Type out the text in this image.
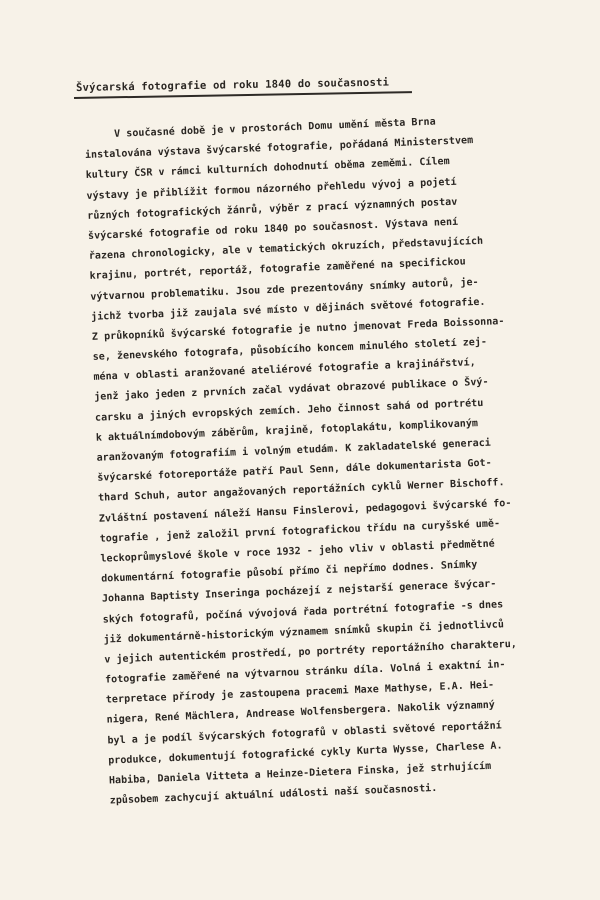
Švýcarská fotografie od roku 1840 do současnosti
V současné době je v prostorách Domu umění města Brna
instalována výstava švýcarské fotografie, pořádaná Ministerstvem
kultury ČSR v rámci kulturních dohodnutí oběma zeměmi. Cílem
výstavy je přiblížit formou názorného přehledu vývoj a pojetí
různých fotografických žánrů, výběr z prací významných postav
švýcarské fotografie od roku 1840 po současnost. Výstava není
řazena chronologicky, ale v tematických okruzích, představujících
krajinu, portrét, reportáž, fotografie zaměřené na specifickou
výtvarnou problematiku. Jsou zde prezentovány snímky autorů, je-
jichž tvorba již zaujala své místo v dějinách světové fotografie.
Z průkopníků švýcarské fotografie je nutno jmenovat Freda Boissonna-
se, ženevského fotografa, působícího koncem minulého století zej-
ména v oblasti aranžované ateliérové fotografie a krajinářství,
jenž jako jeden z prvních začal vydávat obrazové publikace o Švý-
carsku a jiných evropských zemích. Jeho činnost sahá od portrétu
k aktuálnímdobovým záběrům, krajině, fotoplakátu, komplikovaným
aranžovaným fotografiím i volným etudám. K zakladatelské generaci
švýcarské fotoreportáže patří Paul Senn, dále dokumentarista Got-
thard Schuh, autor angažovaných reportážních cyklů Werner Bischoff.
Zvláštní postavení náleží Hansu Finslerovi, pedagogovi švýcarské fo-
tografie , jenž založil první fotografickou třídu na curyšské umě-
leckoprůmyslové škole v roce 1932 - jeho vliv v oblasti předmětné
dokumentární fotografie působí přímo či nepřímo dodnes. Snímky
Johanna Baptisty Inseringa pocházejí z nejstarší generace švýcar-
ských fotografů, počíná vývojová řada portrétní fotografie -s dnes
již dokumentárně-historickým významem snímků skupin či jednotlivců
v jejich autentickém prostředí, po portréty reportážního charakteru,
fotografie zaměřené na výtvarnou stránku díla. Volná i exaktní in-
terpretace přírody je zastoupena pracemi Maxe Mathyse, E.A. Hei-
nigera, René Mächlera, Andrease Wolfensbergera. Nakolik významný
byl a je podíl švýcarských fotografů v oblasti světové reportážní
produkce, dokumentují fotografické cykly Kurta Wysse, Charlese A.
Habiba, Daniela Vitteta a Heinze-Dietera Finska, jež strhujícím
způsobem zachycují aktuální události naší současnosti.
